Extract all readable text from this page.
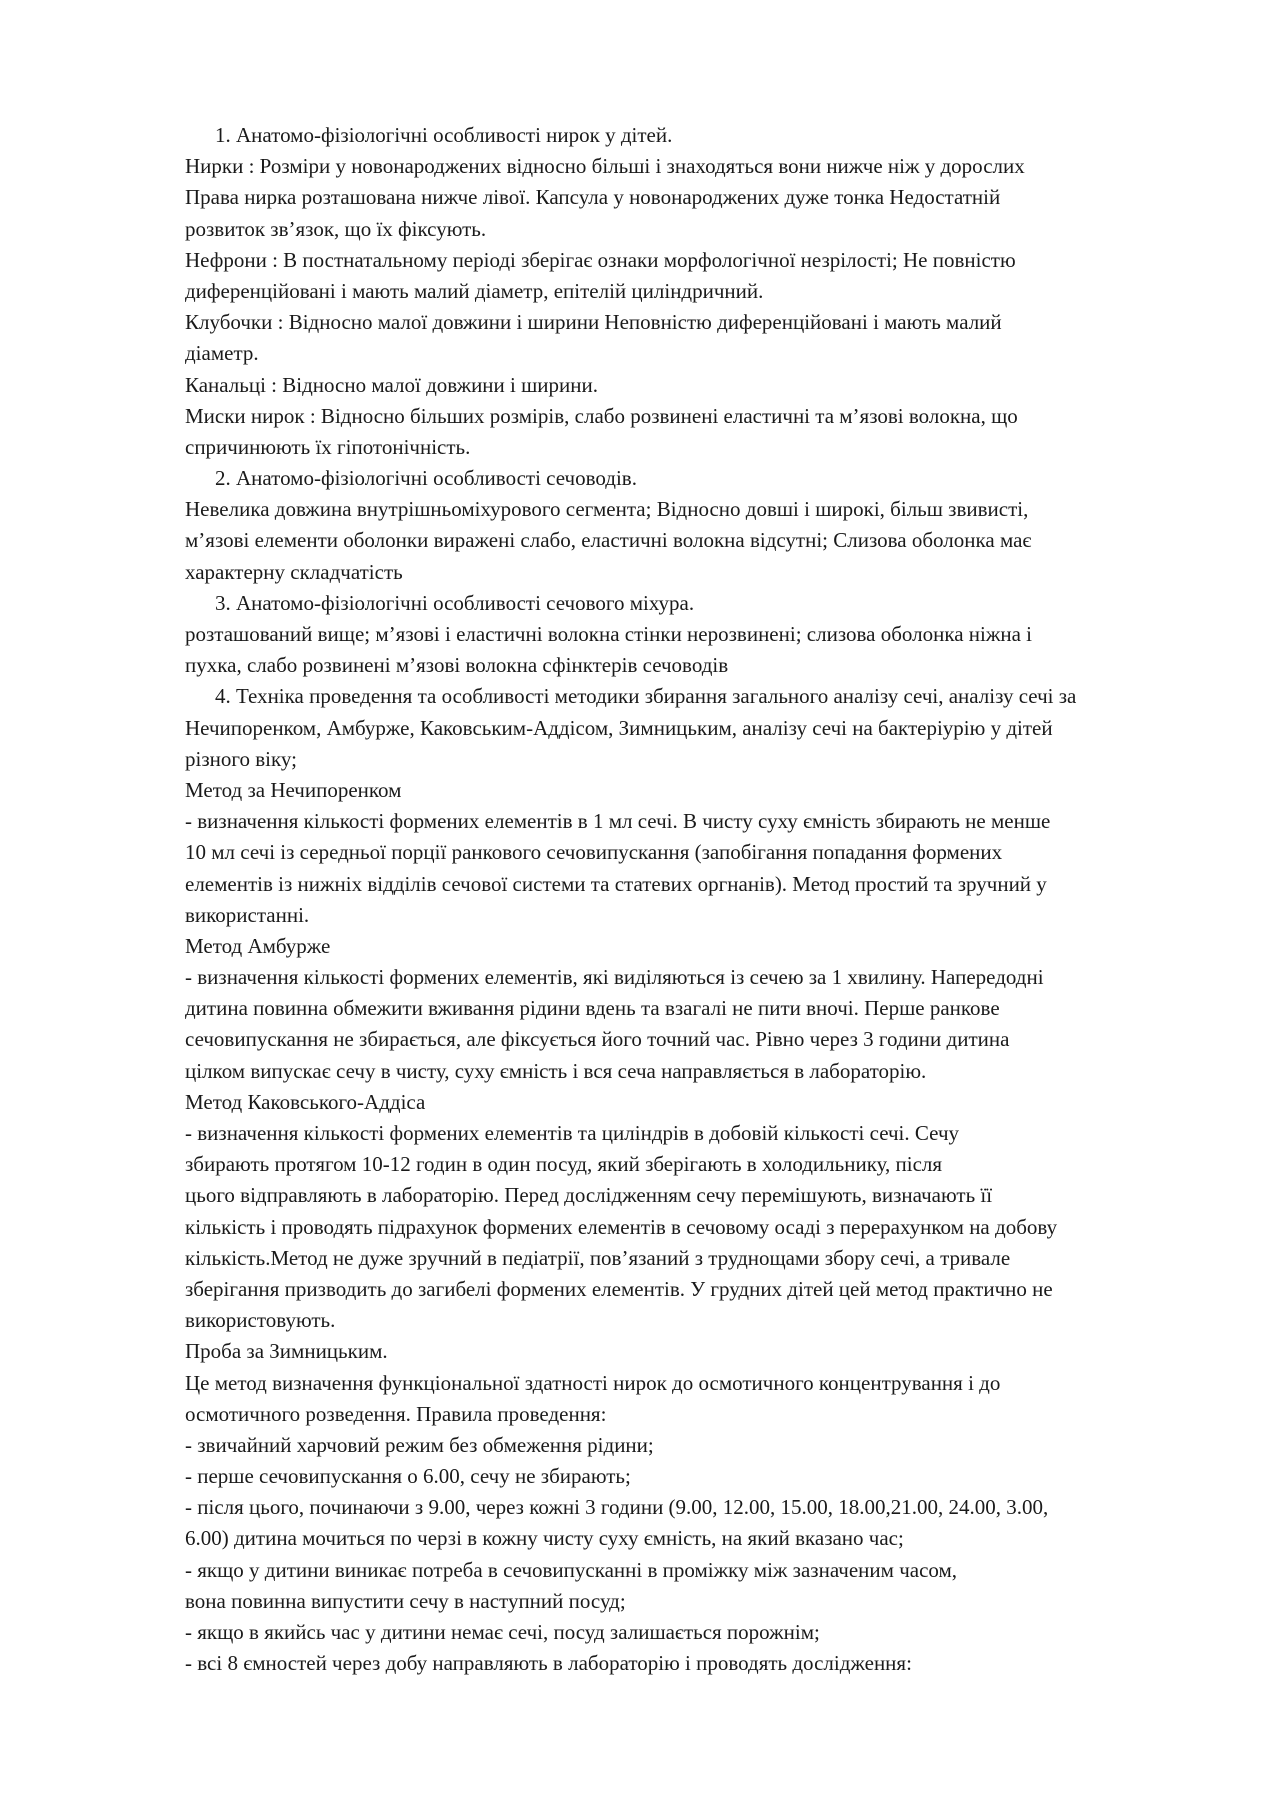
1. Анатомо-фізіологічні особливості нирок у дітей.
Нирки : Розміри у новонароджених відносно більші і знаходяться вони нижче ніж у дорослих
Права нирка розташована нижче лівої. Капсула у новонароджених дуже тонка Недостатній
розвиток зв’язок, що їх фіксують.
Нефрони : В постнатальному періоді зберігає ознаки морфологічної незрілості; Не повністю
диференційовані і мають малий діаметр, епітелій циліндричний.
Клубочки : Відносно малої довжини і ширини Неповністю диференційовані і мають малий
діаметр.
Канальці : Відносно малої довжини і ширини.
Миски нирок : Відносно більших розмірів, слабо розвинені еластичні та м’язові волокна, що
спричинюють їх гіпотонічність.
2. Анатомо-фізіологічні особливості сечоводів.
Невелика довжина внутрішньоміхурового сегмента; Відносно довші і широкі, більш звивисті,
м’язові елементи оболонки виражені слабо, еластичні волокна відсутні; Слизова оболонка має
характерну складчатість
3. Анатомо-фізіологічні особливості сечового міхура.
розташований вище; м’язові і еластичні волокна стінки нерозвинені; слизова оболонка ніжна і
пухка, слабо розвинені м’язові волокна сфінктерів сечоводів
4. Техніка проведення та особливості методики збирання загального аналізу сечі, аналізу сечі за
Нечипоренком, Амбурже, Каковським-Аддісом, Зимницьким, аналізу сечі на бактеріурію у дітей
різного віку;
Метод за Нечипоренком
- визначення кількості формених елементів в 1 мл сечі. В чисту суху ємність збирають не менше
10 мл сечі із середньої порції ранкового сечовипускання (запобігання попадання формених
елементів із нижніх відділів сечової системи та статевих оргнанів). Метод простий та зручний у
використанні.
Метод Амбурже
- визначення кількості формених елементів, які виділяються із сечею за 1 хвилину. Напередодні
дитина повинна обмежити вживання рідини вдень та взагалі не пити вночі. Перше ранкове
сечовипускання не збирається, але фіксується його точний час. Рівно через 3 години дитина
цілком випускає сечу в чисту, суху ємність і вся сеча направляється в лабораторію.
Метод Каковського-Аддіса
- визначення кількості формених елементів та циліндрів в добовій кількості сечі. Сечу
збирають протягом 10-12 годин в один посуд, який зберігають в холодильнику, після
цього відправляють в лабораторію. Перед дослідженням сечу перемішують, визначають її
кількість і проводять підрахунок формених елементів в сечовому осаді з перерахунком на добову
кількість.Метод не дуже зручний в педіатрії, пов’язаний з труднощами збору сечі, а тривале
зберігання призводить до загибелі формених елементів. У грудних дітей цей метод практично не
використовують.
Проба за Зимницьким.
Це метод визначення функціональної здатності нирок до осмотичного концентрування і до
осмотичного розведення. Правила проведення:
- звичайний харчовий режим без обмеження рідини;
- перше сечовипускання о 6.00, сечу не збирають;
- після цього, починаючи з 9.00, через кожні 3 години (9.00, 12.00, 15.00, 18.00,21.00, 24.00, 3.00,
6.00) дитина мочиться по черзі в кожну чисту суху ємність, на який вказано час;
- якщо у дитини виникає потреба в сечовипусканні в проміжку між зазначеним часом,
вона повинна випустити сечу в наступний посуд;
- якщо в якийсь час у дитини немає сечі, посуд залишається порожнім;
- всі 8 ємностей через добу направляють в лабораторію і проводять дослідження:
